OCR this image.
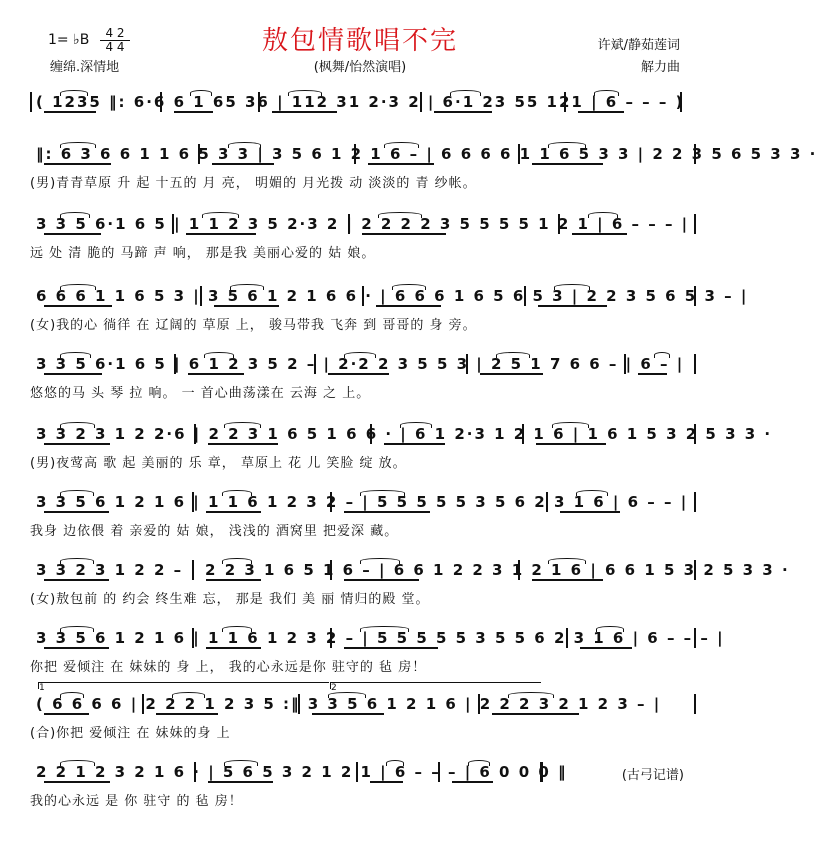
1= ♭B	4 2
4 4
缠绵.深情地
敖包情歌唱不完
(枫舞/怡然演唱)
许斌/静茹莲词
解力曲
( 1235 ‖: 6·6 6 1 65 36 | 112 31 2·3 2 | 6·1 23 55 121 | 6 – – – )
‖: 6 3 6 6 1 1 6 5 3 3 | 3 5 6 1 2 1 6 – | 6 6 6 6 1 1 6 5 3 3 | 2 2 3 5 6 5 3 3 ·
(男)青青草原 升 起 十五的 月 亮， 明媚的 月光拨 动 淡淡的 青 纱帐。
3 3 5 6·1 6 5 | 1 1 2 3 5 2·3 2 | 2 2 2 2 3 5 5 5 5 1 2 1 | 6 – – – |
远 处 清 脆的 马蹄 声 响， 那是我 美丽心爱的 姑 娘。
6 6 6 1 1 6 5 3 | 3 5 6 1 2 1 6 6 · | 6 6 6 1 6 5 6 5 3 | 2 2 3 5 6 5 3 – |
(女)我的心 徜徉 在 辽阔的 草原 上， 骏马带我 飞奔 到 哥哥的 身 旁。
3 3 5 6·1 6 5 | 6 1 2 3 5 2 – | 2·2 2 3 5 5 3 | 2 5 1 7 6 6 – | 6 – |
悠悠的马 头 琴 拉 响。 一 首心曲荡漾在 云海 之 上。
3 3 2 3 1 2 2·6 | 2 2 3 1 6 5 1 6 6 · | 6 1 2·3 1 2 1 6 | 1 6 1 5 3 2 5 3 3 ·
(男)夜莺高 歌 起 美丽的 乐 章， 草原上 花 儿 笑脸 绽 放。
3 3 5 6 1 2 1 6 | 1 1 6 1 2 3 2 – | 5 5 5 5 5 3 5 6 2 3 1 6 | 6 – – |
我身 边依偎 着 亲爱的 姑 娘， 浅浅的 酒窝里 把爱深 藏。
3 3 2 3 1 2 2 – | 2 2 3 1 6 5 1 6 – | 6 6 1 2 2 3 1 2 1 6 | 6 6 1 5 3 2 5 3 3 ·
(女)敖包前 的 约会 终生难 忘， 那是 我们 美 丽 情归的殿 堂。
3 3 5 6 1 2 1 6 | 1 1 6 1 2 3 2 – | 5 5 5 5 5 3 5 5 6 2 3 1 6 | 6 – – – |
你把 爱倾注 在 妹妹的 身 上， 我的心永远是你 驻守的 毡 房！
( 6 6 6 6 | 2 2 2 1 2 3 5 :‖ 3 3 5 6 1 2 1 6 | 2 2 2 3 2 1 2 3 – |
(合)你把 爱倾注 在 妹妹的身 上
1	2
2 2 1 2 3 2 1 6 · | 5 6 5 3 2 1 2 1 | 6 – – – | 6 0 0 0 ‖
我的心永远 是 你 驻守 的 毡 房！
(古弓记谱)
